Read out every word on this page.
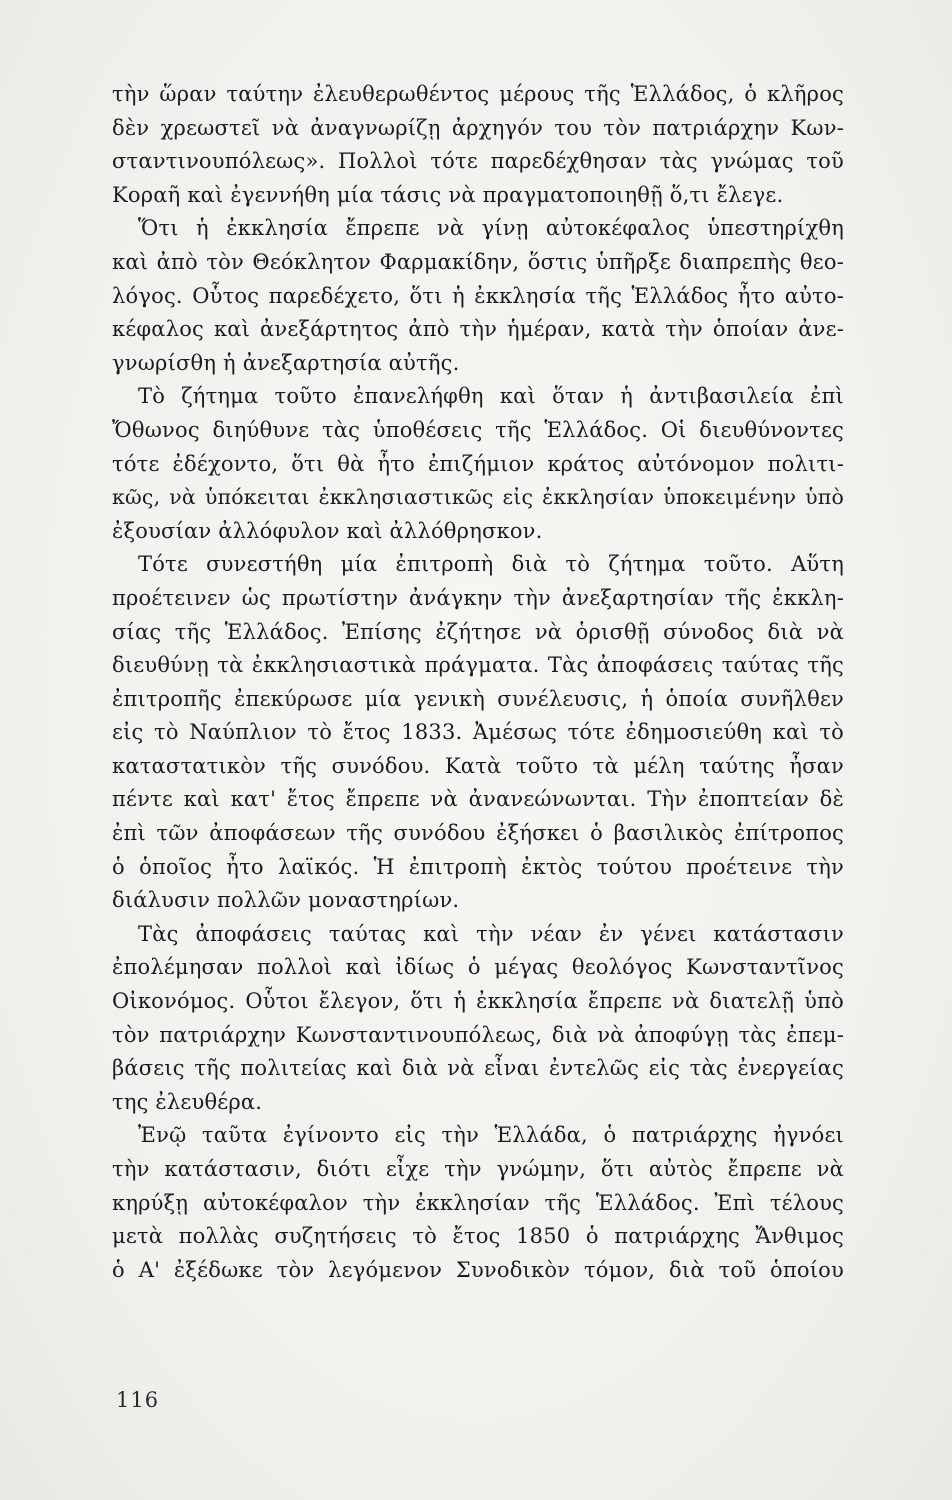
τὴν ὥραν ταύτην ἐλευθερωθέντος μέρους τῆς Ἑλλάδος, ὁ κλῆρος
δὲν χρεωστεῖ νὰ ἀναγνωρίζῃ ἀρχηγόν του τὸν πατριάρχην Κων-
σταντινουπόλεως». Πολλοὶ τότε παρεδέχθησαν τὰς γνώμας τοῦ
Κοραῆ καὶ ἐγεννήθη μία τάσις νὰ πραγματοποιηθῇ ὅ,τι ἔλεγε.
Ὅτι ἡ ἐκκλησία ἔπρεπε νὰ γίνῃ αὐτοκέφαλος ὑπεστηρίχθη
καὶ ἀπὸ τὸν Θεόκλητον Φαρμακίδην, ὅστις ὑπῆρξε διαπρεπὴς θεο-
λόγος. Οὗτος παρεδέχετο, ὅτι ἡ ἐκκλησία τῆς Ἑλλάδος ἦτο αὐτο-
κέφαλος καὶ ἀνεξάρτητος ἀπὸ τὴν ἡμέραν, κατὰ τὴν ὁποίαν ἀνε-
γνωρίσθη ἡ ἀνεξαρτησία αὐτῆς.
Τὸ ζήτημα τοῦτο ἐπανελήφθη καὶ ὅταν ἡ ἀντιβασιλεία ἐπὶ
Ὄθωνος διηύθυνε τὰς ὑποθέσεις τῆς Ἑλλάδος. Οἱ διευθύνοντες
τότε ἐδέχοντο, ὅτι θὰ ἦτο ἐπιζήμιον κράτος αὐτόνομον πολιτι-
κῶς, νὰ ὑπόκειται ἐκκλησιαστικῶς εἰς ἐκκλησίαν ὑποκειμένην ὑπὸ
ἐξουσίαν ἀλλόφυλον καὶ ἀλλόθρησκον.
Τότε συνεστήθη μία ἐπιτροπὴ διὰ τὸ ζήτημα τοῦτο. Αὕτη
προέτεινεν ὡς πρωτίστην ἀνάγκην τὴν ἀνεξαρτησίαν τῆς ἐκκλη-
σίας τῆς Ἑλλάδος. Ἐπίσης ἐζήτησε νὰ ὁρισθῇ σύνοδος διὰ νὰ
διευθύνῃ τὰ ἐκκλησιαστικὰ πράγματα. Τὰς ἀποφάσεις ταύτας τῆς
ἐπιτροπῆς ἐπεκύρωσε μία γενικὴ συνέλευσις, ἡ ὁποία συνῆλθεν
εἰς τὸ Ναύπλιον τὸ ἔτος 1833. Ἀμέσως τότε ἐδημοσιεύθη καὶ τὸ
καταστατικὸν τῆς συνόδου. Κατὰ τοῦτο τὰ μέλη ταύτης ἦσαν
πέντε καὶ κατ' ἔτος ἔπρεπε νὰ ἀνανεώνωνται. Τὴν ἐποπτείαν δὲ
ἐπὶ τῶν ἀποφάσεων τῆς συνόδου ἐξήσκει ὁ βασιλικὸς ἐπίτροπος
ὁ ὁποῖος ἦτο λαϊκός. Ἡ ἐπιτροπὴ ἐκτὸς τούτου προέτεινε τὴν
διάλυσιν πολλῶν μοναστηρίων.
Τὰς ἀποφάσεις ταύτας καὶ τὴν νέαν ἐν γένει κατάστασιν
ἐπολέμησαν πολλοὶ καὶ ἰδίως ὁ μέγας θεολόγος Κωνσταντῖνος
Οἰκονόμος. Οὗτοι ἔλεγον, ὅτι ἡ ἐκκλησία ἔπρεπε νὰ διατελῇ ὑπὸ
τὸν πατριάρχην Κωνσταντινουπόλεως, διὰ νὰ ἀποφύγῃ τὰς ἐπεμ-
βάσεις τῆς πολιτείας καὶ διὰ νὰ εἶναι ἐντελῶς εἰς τὰς ἐνεργείας
της ἐλευθέρα.
Ἐνῷ ταῦτα ἐγίνοντο εἰς τὴν Ἑλλάδα, ὁ πατριάρχης ἠγνόει
τὴν κατάστασιν, διότι εἶχε τὴν γνώμην, ὅτι αὐτὸς ἔπρεπε νὰ
κηρύξῃ αὐτοκέφαλον τὴν ἐκκλησίαν τῆς Ἑλλάδος. Ἐπὶ τέλους
μετὰ πολλὰς συζητήσεις τὸ ἔτος 1850 ὁ πατριάρχης Ἄνθιμος
ὁ Α' ἐξέδωκε τὸν λεγόμενον Συνοδικὸν τόμον, διὰ τοῦ ὁποίου
116
